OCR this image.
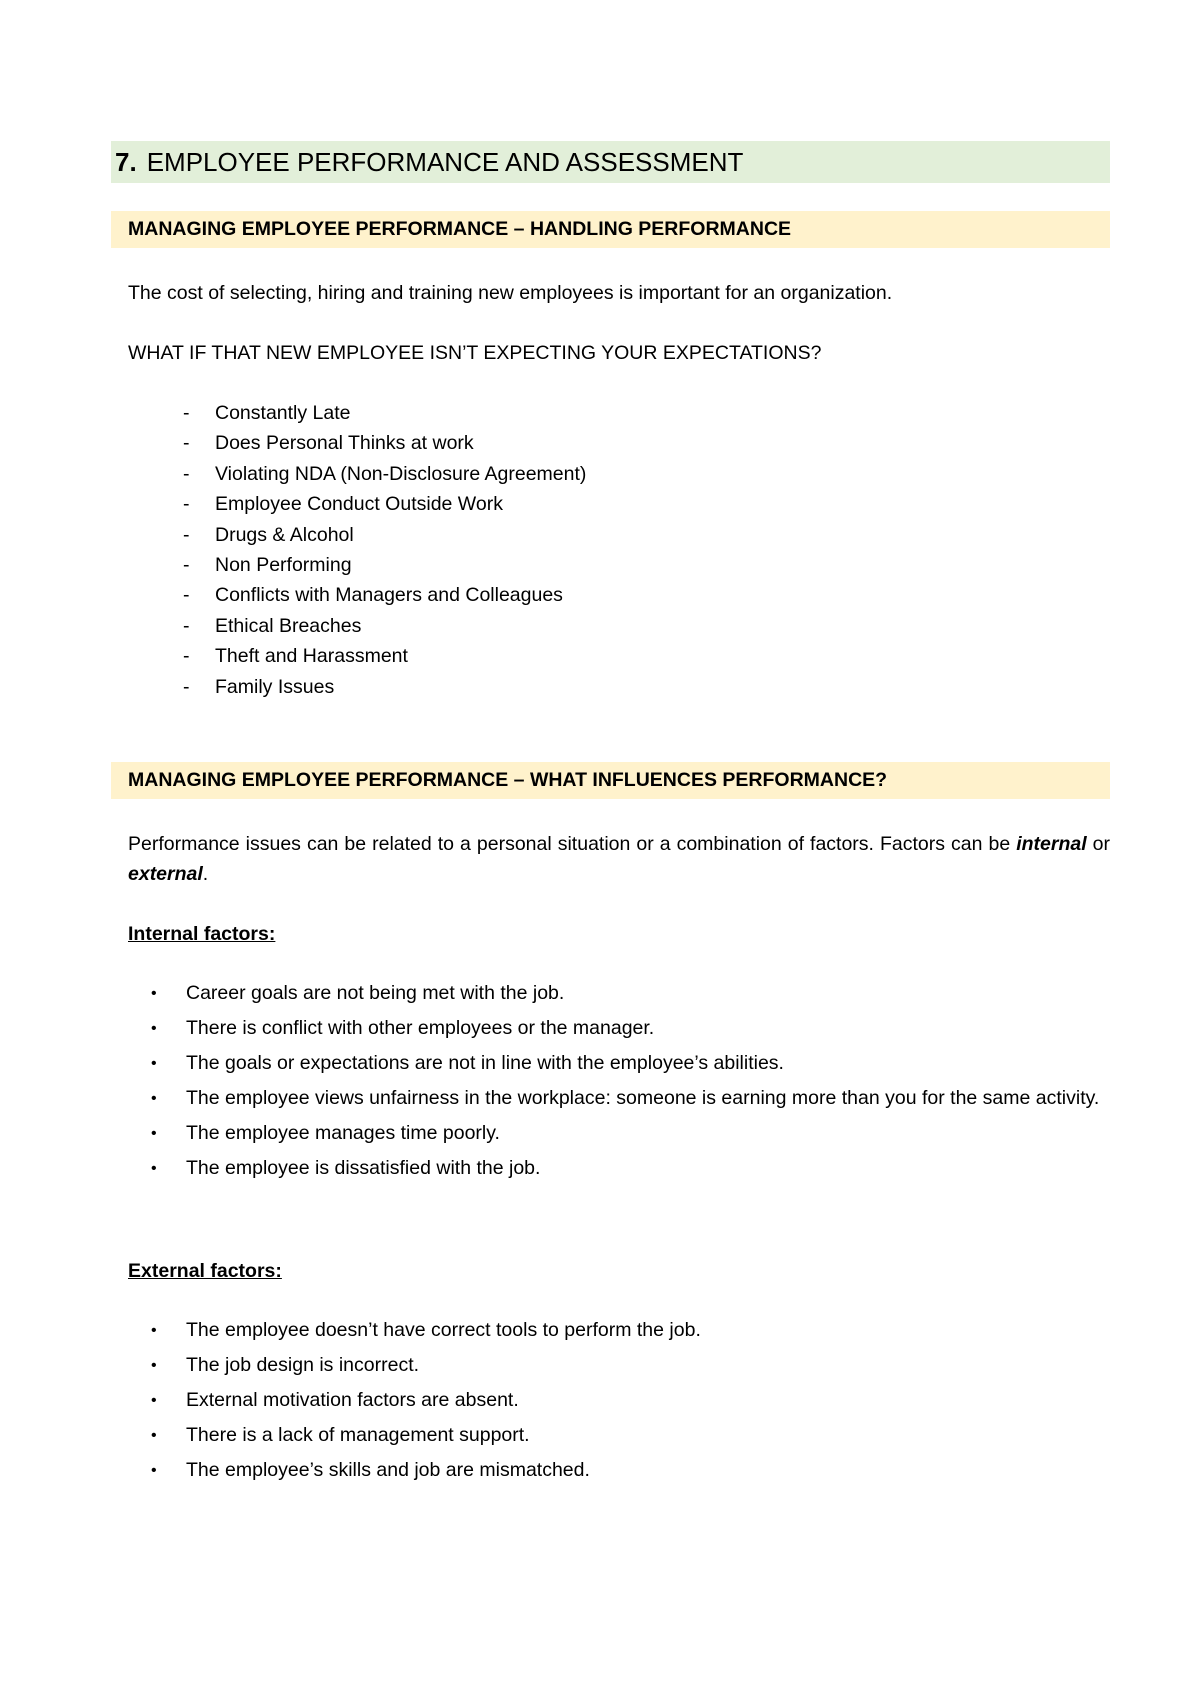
7. EMPLOYEE PERFORMANCE AND ASSESSMENT
MANAGING EMPLOYEE PERFORMANCE – HANDLING PERFORMANCE
The cost of selecting, hiring and training new employees is important for an organization.
WHAT IF THAT NEW EMPLOYEE ISN’T EXPECTING YOUR EXPECTATIONS?
- Constantly Late
- Does Personal Thinks at work
- Violating NDA (Non-Disclosure Agreement)
- Employee Conduct Outside Work
- Drugs & Alcohol
- Non Performing
- Conflicts with Managers and Colleagues
- Ethical Breaches
- Theft and Harassment
- Family Issues
MANAGING EMPLOYEE PERFORMANCE – WHAT INFLUENCES PERFORMANCE?
Performance issues can be related to a personal situation or a combination of factors. Factors can be internal or external.
Internal factors:
• Career goals are not being met with the job.
• There is conflict with other employees or the manager.
• The goals or expectations are not in line with the employee’s abilities.
• The employee views unfairness in the workplace: someone is earning more than you for the same activity.
• The employee manages time poorly.
• The employee is dissatisfied with the job.
External factors:
• The employee doesn’t have correct tools to perform the job.
• The job design is incorrect.
• External motivation factors are absent.
• There is a lack of management support.
• The employee’s skills and job are mismatched.
